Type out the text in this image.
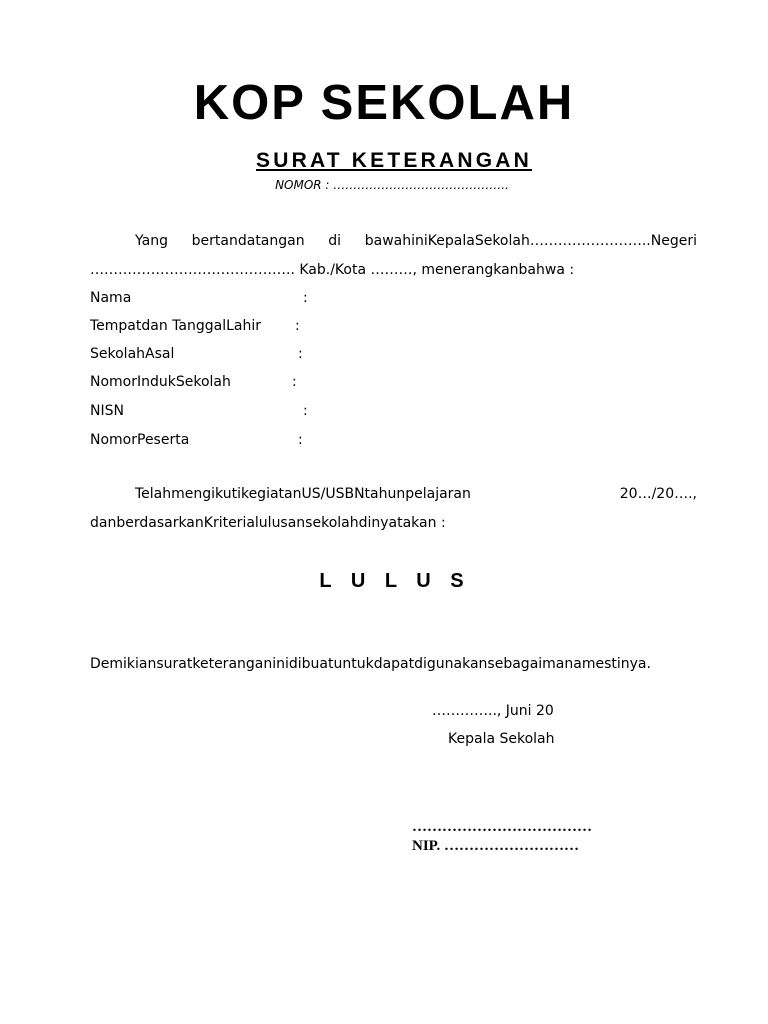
KOP SEKOLAH
SURAT KETERANGAN
NOMOR : ……………………………………..
Yang bertandatangan di bawahiniKepalaSekolah……………………..Negeri
…………………………………….. Kab./Kota ………, menerangkanbahwa :
Nama	:
Tempatdan TanggalLahir :
SekolahAsal	:
NomorIndukSekolah	:
NISN	:
NomorPeserta	:
TelahmengikutikegiatanUS/USBNtahunpelajaran	20…/20….,
danberdasarkanKriterialulusansekolahdinyatakan :
L U L U S
Demikiansuratketeranganinidibuatuntukdapatdigunakansebagaimanamestinya.
………….., Juni 20
Kepala Sekolah
………………………………
NIP. ………………………
